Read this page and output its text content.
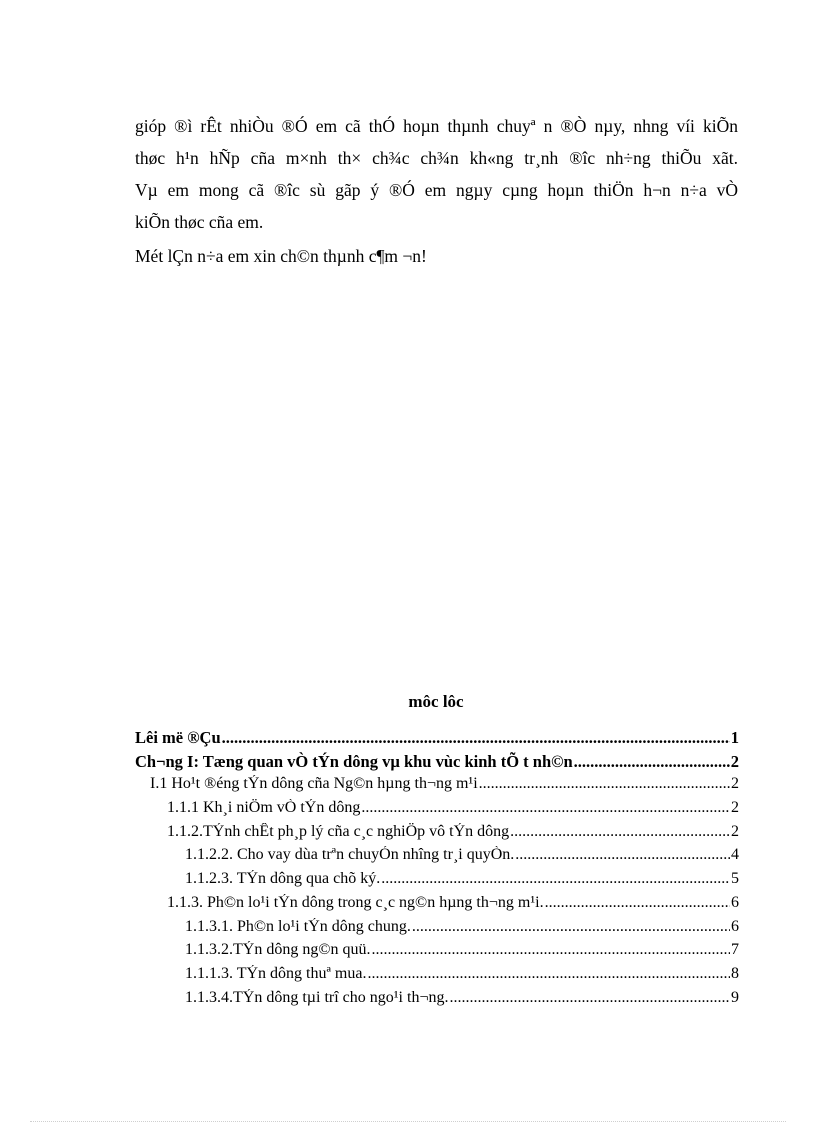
gióp ®ì rÊt nhiÒu ®Ó em cã thÓ hoµn thµnh chuyª n ®Ò nµy, nhng víi kiÕn
thøc h¹n hÑp cña m×nh th× ch¾c ch¾n kh«ng tr¸nh ®îc nh÷ng thiÕu xãt.
Vµ em mong cã ®îc sù gãp ý ®Ó em ngµy cµng hoµn thiÖn h¬n n÷a vÒ
kiÕn thøc cña em.
Mét lÇn n÷a em xin ch©n thµnh c¶m ¬n!
môc lôc
Lêi më ®Çu .....	1
Ch¬ng I: Tæng quan vÒ tÝn dông vµ khu vùc kinh tÕ t nh©n .....	2
I.1 Ho¹t ®éng tÝn dông cña Ng©n hµng th¬ng m¹i .....	2
1.1.1 Kh¸i niÖm vÒ tÝn dông .....	2
1.1.2.TÝnh chÊt ph¸p lý cña c¸c nghiÖp vô tÝn dông .....	2
1.1.2.2. Cho vay dùa trªn chuyÓn nhîng tr¸i quyÒn. .....	4
1.1.2.3. TÝn dông qua chõ ký. .....	5
1.1.3. Ph©n lo¹i tÝn dông trong c¸c ng©n hµng th¬ng m¹i. .....	6
1.1.3.1. Ph©n lo¹i tÝn dông chung. .....	6
1.1.3.2.TÝn dông ng©n quü. .....	7
1.1.1.3. TÝn dông thuª mua. .....	8
1.1.3.4.TÝn dông tµi trî cho ngo¹i th¬ng. .....	9
